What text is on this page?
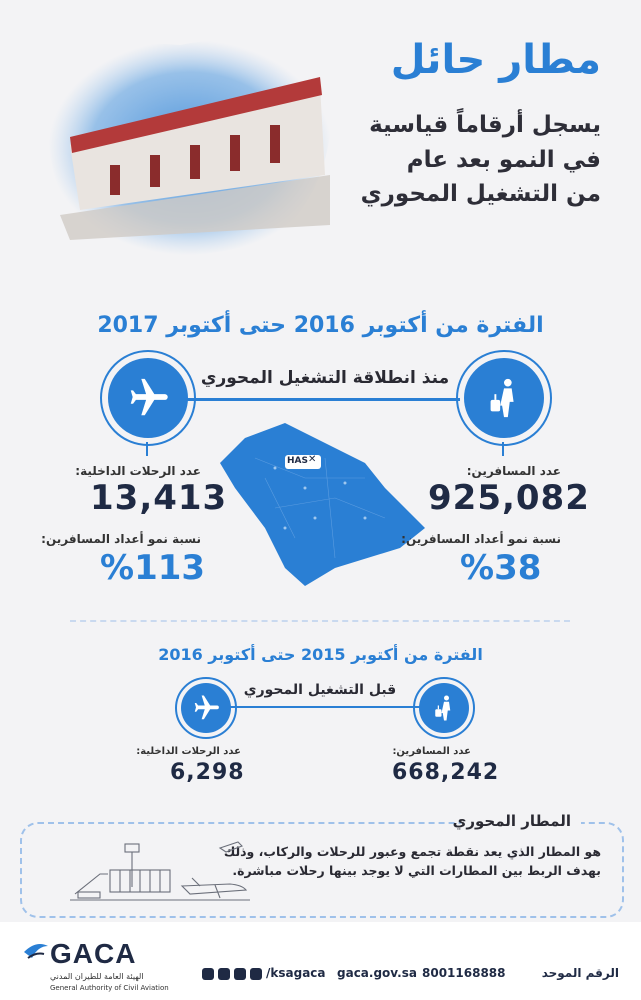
مطار حائل
يسجل أرقاماً قياسية
في النمو بعد عام
من التشغيل المحوري
الفترة من أكتوبر 2016 حتى أكتوبر 2017
منذ انطلاقة التشغيل المحوري
HAS ✕
عدد الرحلات الداخلية:
13,413
نسبة نمو أعداد المسافرين:
%113
عدد المسافرين:
925,082
نسبة نمو أعداد المسافرين:
%38
الفترة من أكتوبر 2015 حتى أكتوبر 2016
قبل التشغيل المحوري
عدد الرحلات الداخلية:
6,298
عدد المسافرين:
668,242
المطار المحوري
هو المطار الذي يعد نقطة تجمع وعبور للرحلات والركاب، وذلك بهدف الربط بين المطارات التي لا يوجد بينها رحلات مباشرة.
GACA
الهيئة العامة للطيران المدني
General Authority of Civil Aviation
/ksagaca gaca.gov.sa 8001168888	الرقم الموحد
